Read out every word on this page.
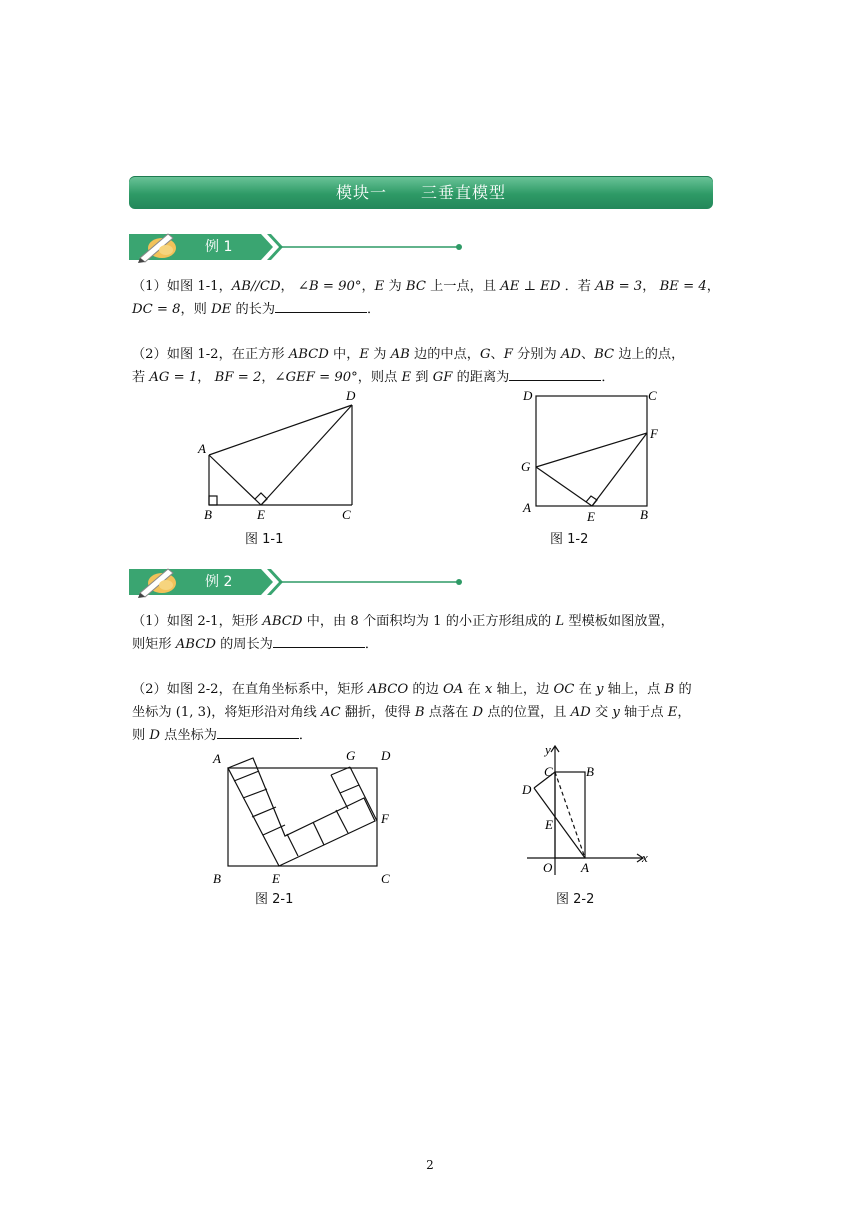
模块一　　三垂直模型
例 1

（1）如图 1-1，AB//CD， ∠B = 90°，E 为 BC 上一点，且 AE ⊥ ED ．若 AB = 3， BE = 4，

DC = 8，则 DE 的长为	．

（2）如图 1-2，在正方形 ABCD 中，E 为 AB 边的中点，G、F 分别为 AD、BC 边上的点，

若 AG = 1， BF = 2，∠GEF = 90°，则点 E 到 GF 的距离为	．

A
B	E	C
D
图 1-1
D	C
F
G
A
E	B
图 1-2
例 2

（1）如图 2-1，矩形 ABCD 中，由 8 个面积均为 1 的小正方形组成的 L 型模板如图放置，

则矩形 ABCD 的周长为	．

（2）如图 2-2，在直角坐标系中，矩形 ABCO 的边 OA 在 x 轴上，边 OC 在 y 轴上，点 B 的

坐标为 (1, 3)，将矩形沿对角线 AC 翻折，使得 B 点落在 D 点的位置，且 AD 交 y 轴于点 E，

则 D 点坐标为	．

A	G D
F
B	E	C
图 2-1
y
C	B
D
E
O A
x
图 2-2
2
